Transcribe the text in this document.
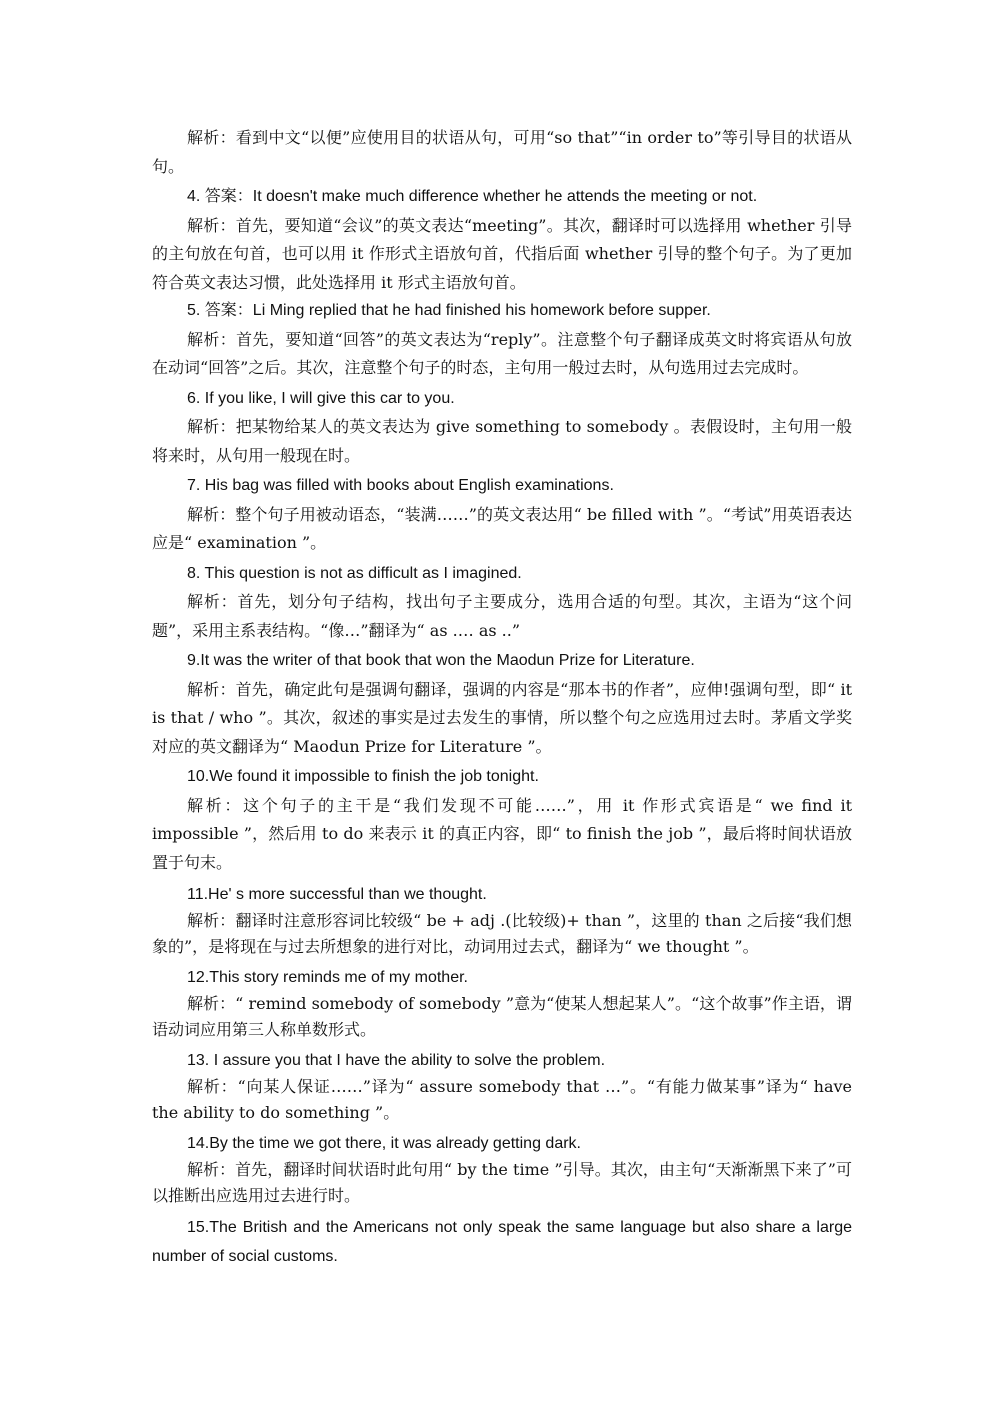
解析：看到中文“以便”应使用目的状语从句，可用“so that”“in order to”等引导目的状语从句。

4. 答案：It doesn't make much difference whether he attends the meeting or not.

解析：首先，要知道“会议”的英文表达“meeting”。其次，翻译时可以选择用 whether 引导的主句放在句首，也可以用 it 作形式主语放句首，代指后面 whether 引导的整个句子。为了更加符合英文表达习惯，此处选择用 it 形式主语放句首。

5. 答案：Li Ming replied that he had finished his homework before supper.

解析：首先，要知道“回答”的英文表达为“reply”。注意整个句子翻译成英文时将宾语从句放在动词“回答”之后。其次，注意整个句子的时态，主句用一般过去时，从句选用过去完成时。

6. If you like, I will give this car to you.

解析：把某物给某人的英文表达为 give something to somebody 。表假设时，主句用一般将来时，从句用一般现在时。

7. His bag was filled with books about English examinations.

解析：整个句子用被动语态，“装满……”的英文表达用“ be filled with ”。“考试”用英语表达应是“ examination ”。

8. This question is not as difficult as I imagined.

解析：首先，划分句子结构，找出句子主要成分，选用合适的句型。其次，主语为“这个问题”，采用主系表结构。“像…”翻译为“ as .… as ..”

9.It was the writer of that book that won the Maodun Prize for Literature.

解析：首先，确定此句是强调句翻译，强调的内容是“那本书的作者”，应伸!强调句型，即“ it is that / who ”。其次，叙述的事实是过去发生的事情，所以整个句之应选用过去时。茅盾文学奖对应的英文翻译为“ Maodun Prize for Literature ”。

10.We found it impossible to finish the job tonight.

解析：这个句子的主干是“我们发现不可能……”，用 it 作形式宾语是“ we find it impossible ”，然后用 to do 来表示 it 的真正内容，即“ to finish the job ”，最后将时间状语放置于句末。

11.He' s more successful than we thought.

解析：翻译时注意形容词比较级“ be + adj .(比较级)+ than ”，这里的 than 之后接“我们想象的”，是将现在与过去所想象的进行对比，动词用过去式，翻译为“ we thought ”。

12.This story reminds me of my mother.

解析：“ remind somebody of somebody ”意为“使某人想起某人”。“这个故事”作主语，谓语动词应用第三人称单数形式。

13. I assure you that I have the ability to solve the problem.

解析：“向某人保证……”译为“ assure somebody that …”。“有能力做某事”译为“ have the ability to do something ”。

14.By the time we got there, it was already getting dark.

解析：首先，翻译时间状语时此句用“ by the time ”引导。其次，由主句“天渐渐黑下来了”可以推断出应选用过去进行时。

15.The British and the Americans not only speak the same language but also share a large number of social customs.
